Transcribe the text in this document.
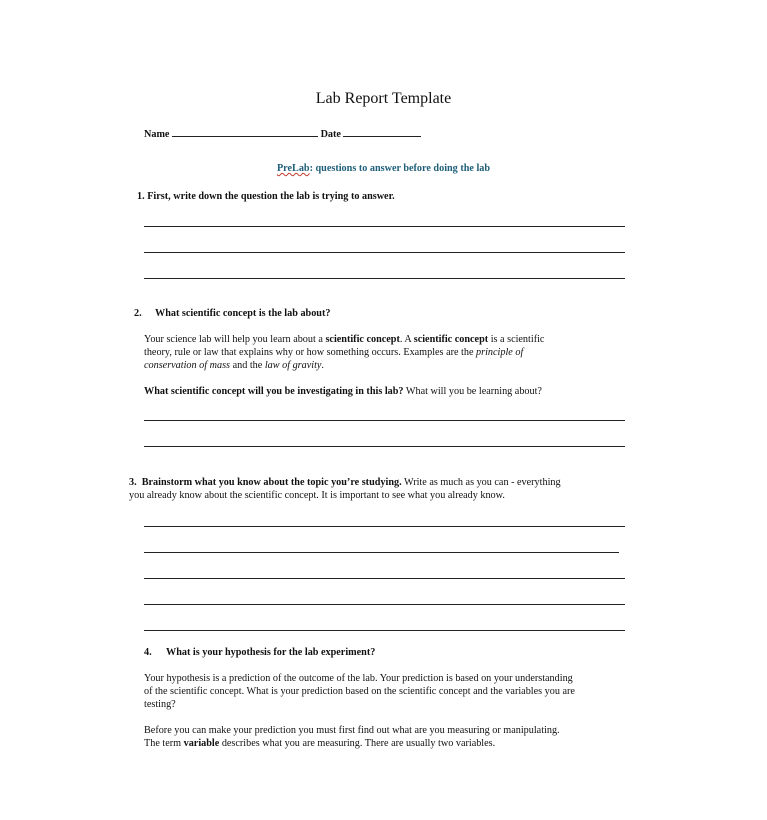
Lab Report Template
Name	Date
PreLab: questions to answer before doing the lab
1. First, write down the question the lab is trying to answer.
2. What scientific concept is the lab about?
Your science lab will help you learn about a scientific concept. A scientific concept is a scientific
theory, rule or law that explains why or how something occurs. Examples are the principle of
conservation of mass and the law of gravity.
What scientific concept will you be investigating in this lab? What will you be learning about?
3. Brainstorm what you know about the topic you’re studying. Write as much as you can - everything
you already know about the scientific concept. It is important to see what you already know.
4. What is your hypothesis for the lab experiment?
Your hypothesis is a prediction of the outcome of the lab. Your prediction is based on your understanding
of the scientific concept. What is your prediction based on the scientific concept and the variables you are
testing?
Before you can make your prediction you must first find out what are you measuring or manipulating.
The term variable describes what you are measuring. There are usually two variables.
